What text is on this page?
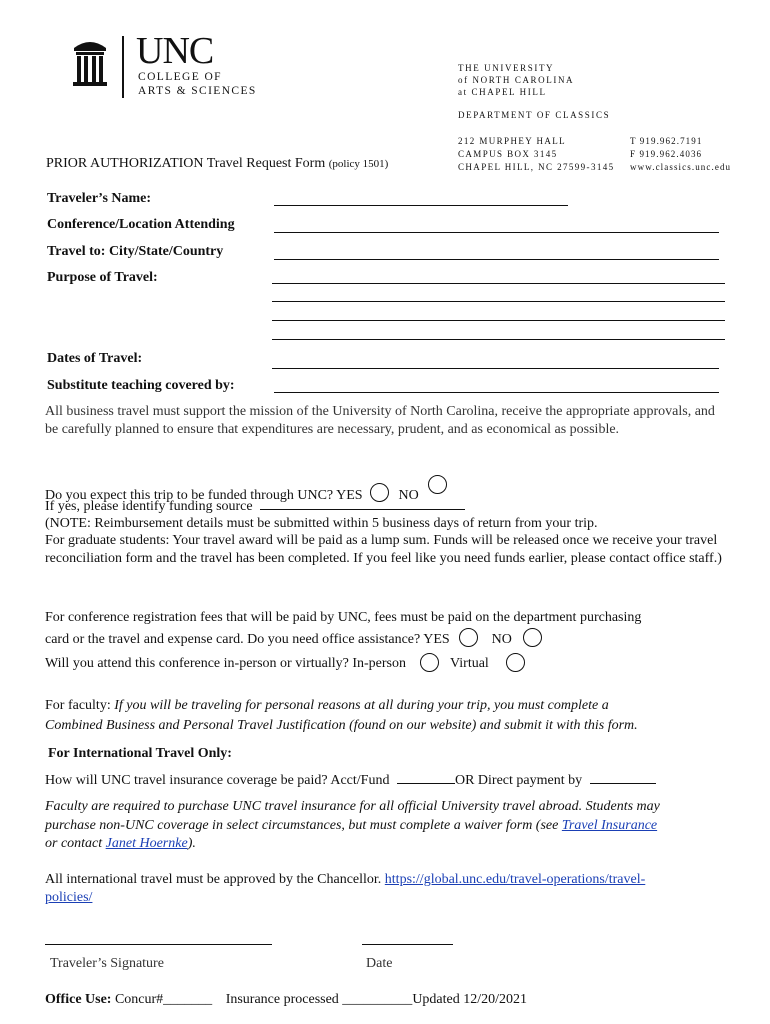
UNC
COLLEGE OF
ARTS & SCIENCES
THE UNIVERSITY
of NORTH CAROLINA
at CHAPEL HILL
DEPARTMENT OF CLASSICS
212 MURPHEY HALL
CAMPUS BOX 3145
CHAPEL HILL, NC 27599-3145
T 919.962.7191
F 919.962.4036
www.classics.unc.edu
PRIOR AUTHORIZATION Travel Request Form (policy 1501)
Traveler’s Name:
Conference/Location Attending
Travel to: City/State/Country
Purpose of Travel:
Dates of Travel:
Substitute teaching covered by:
All business travel must support the mission of the University of North Carolina, receive the appropriate approvals, and be carefully planned to ensure that expenditures are necessary, prudent, and as economical as possible.
Do you expect this trip to be funded through UNC? YES	NO
If yes, please identify funding source
(NOTE: Reimbursement details must be submitted within 5 business days of return from your trip.
For graduate students: Your travel award will be paid as a lump sum. Funds will be released once we receive your travel reconciliation form and the travel has been completed. If you feel like you need funds earlier, please contact office staff.)
For conference registration fees that will be paid by UNC, fees must be paid on the department purchasing
card or the travel and expense card. Do you need office assistance? YES	NO
Will you attend this conference in-person or virtually? In-person	Virtual
For faculty: If you will be traveling for personal reasons at all during your trip, you must complete a
Combined Business and Personal Travel Justification (found on our website) and submit it with this form.
For International Travel Only:
How will UNC travel insurance coverage be paid? Acct/Fund	OR Direct payment by
Faculty are required to purchase UNC travel insurance for all official University travel abroad. Students may
purchase non-UNC coverage in select circumstances, but must complete a waiver form (see Travel Insurance
or contact Janet Hoernke).
All international travel must be approved by the Chancellor. https://global.unc.edu/travel-operations/travel-
policies/
Traveler’s Signature	Date
Office Use: Concur#_______ Insurance processed __________Updated 12/20/2021
